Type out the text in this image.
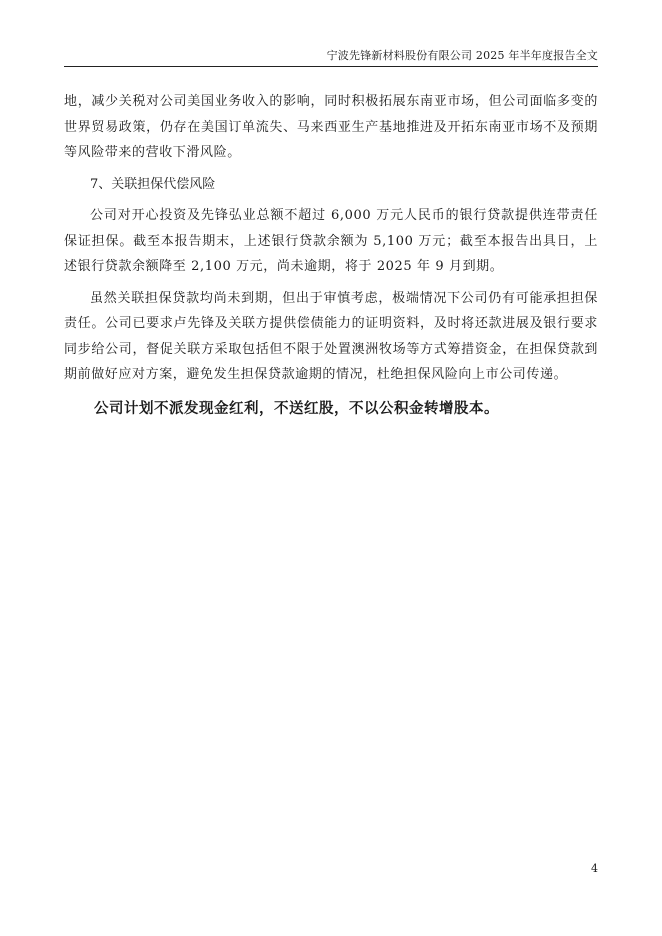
宁波先锋新材料股份有限公司 2025 年半年度报告全文

地，减少关税对公司美国业务收入的影响，同时积极拓展东南亚市场，但公司面临多变的世界贸易政策，仍存在美国订单流失、马来西亚生产基地推进及开拓东南亚市场不及预期等风险带来的营收下滑风险。

7、关联担保代偿风险

公司对开心投资及先锋弘业总额不超过 6,000 万元人民币的银行贷款提供连带责任保证担保。截至本报告期末，上述银行贷款余额为 5,100 万元；截至本报告出具日，上述银行贷款余额降至 2,100 万元，尚未逾期，将于 2025 年 9 月到期。

虽然关联担保贷款均尚未到期，但出于审慎考虑，极端情况下公司仍有可能承担担保责任。公司已要求卢先锋及关联方提供偿债能力的证明资料，及时将还款进展及银行要求同步给公司，督促关联方采取包括但不限于处置澳洲牧场等方式筹措资金，在担保贷款到期前做好应对方案，避免发生担保贷款逾期的情况，杜绝担保风险向上市公司传递。

公司计划不派发现金红利，不送红股，不以公积金转增股本。
4
